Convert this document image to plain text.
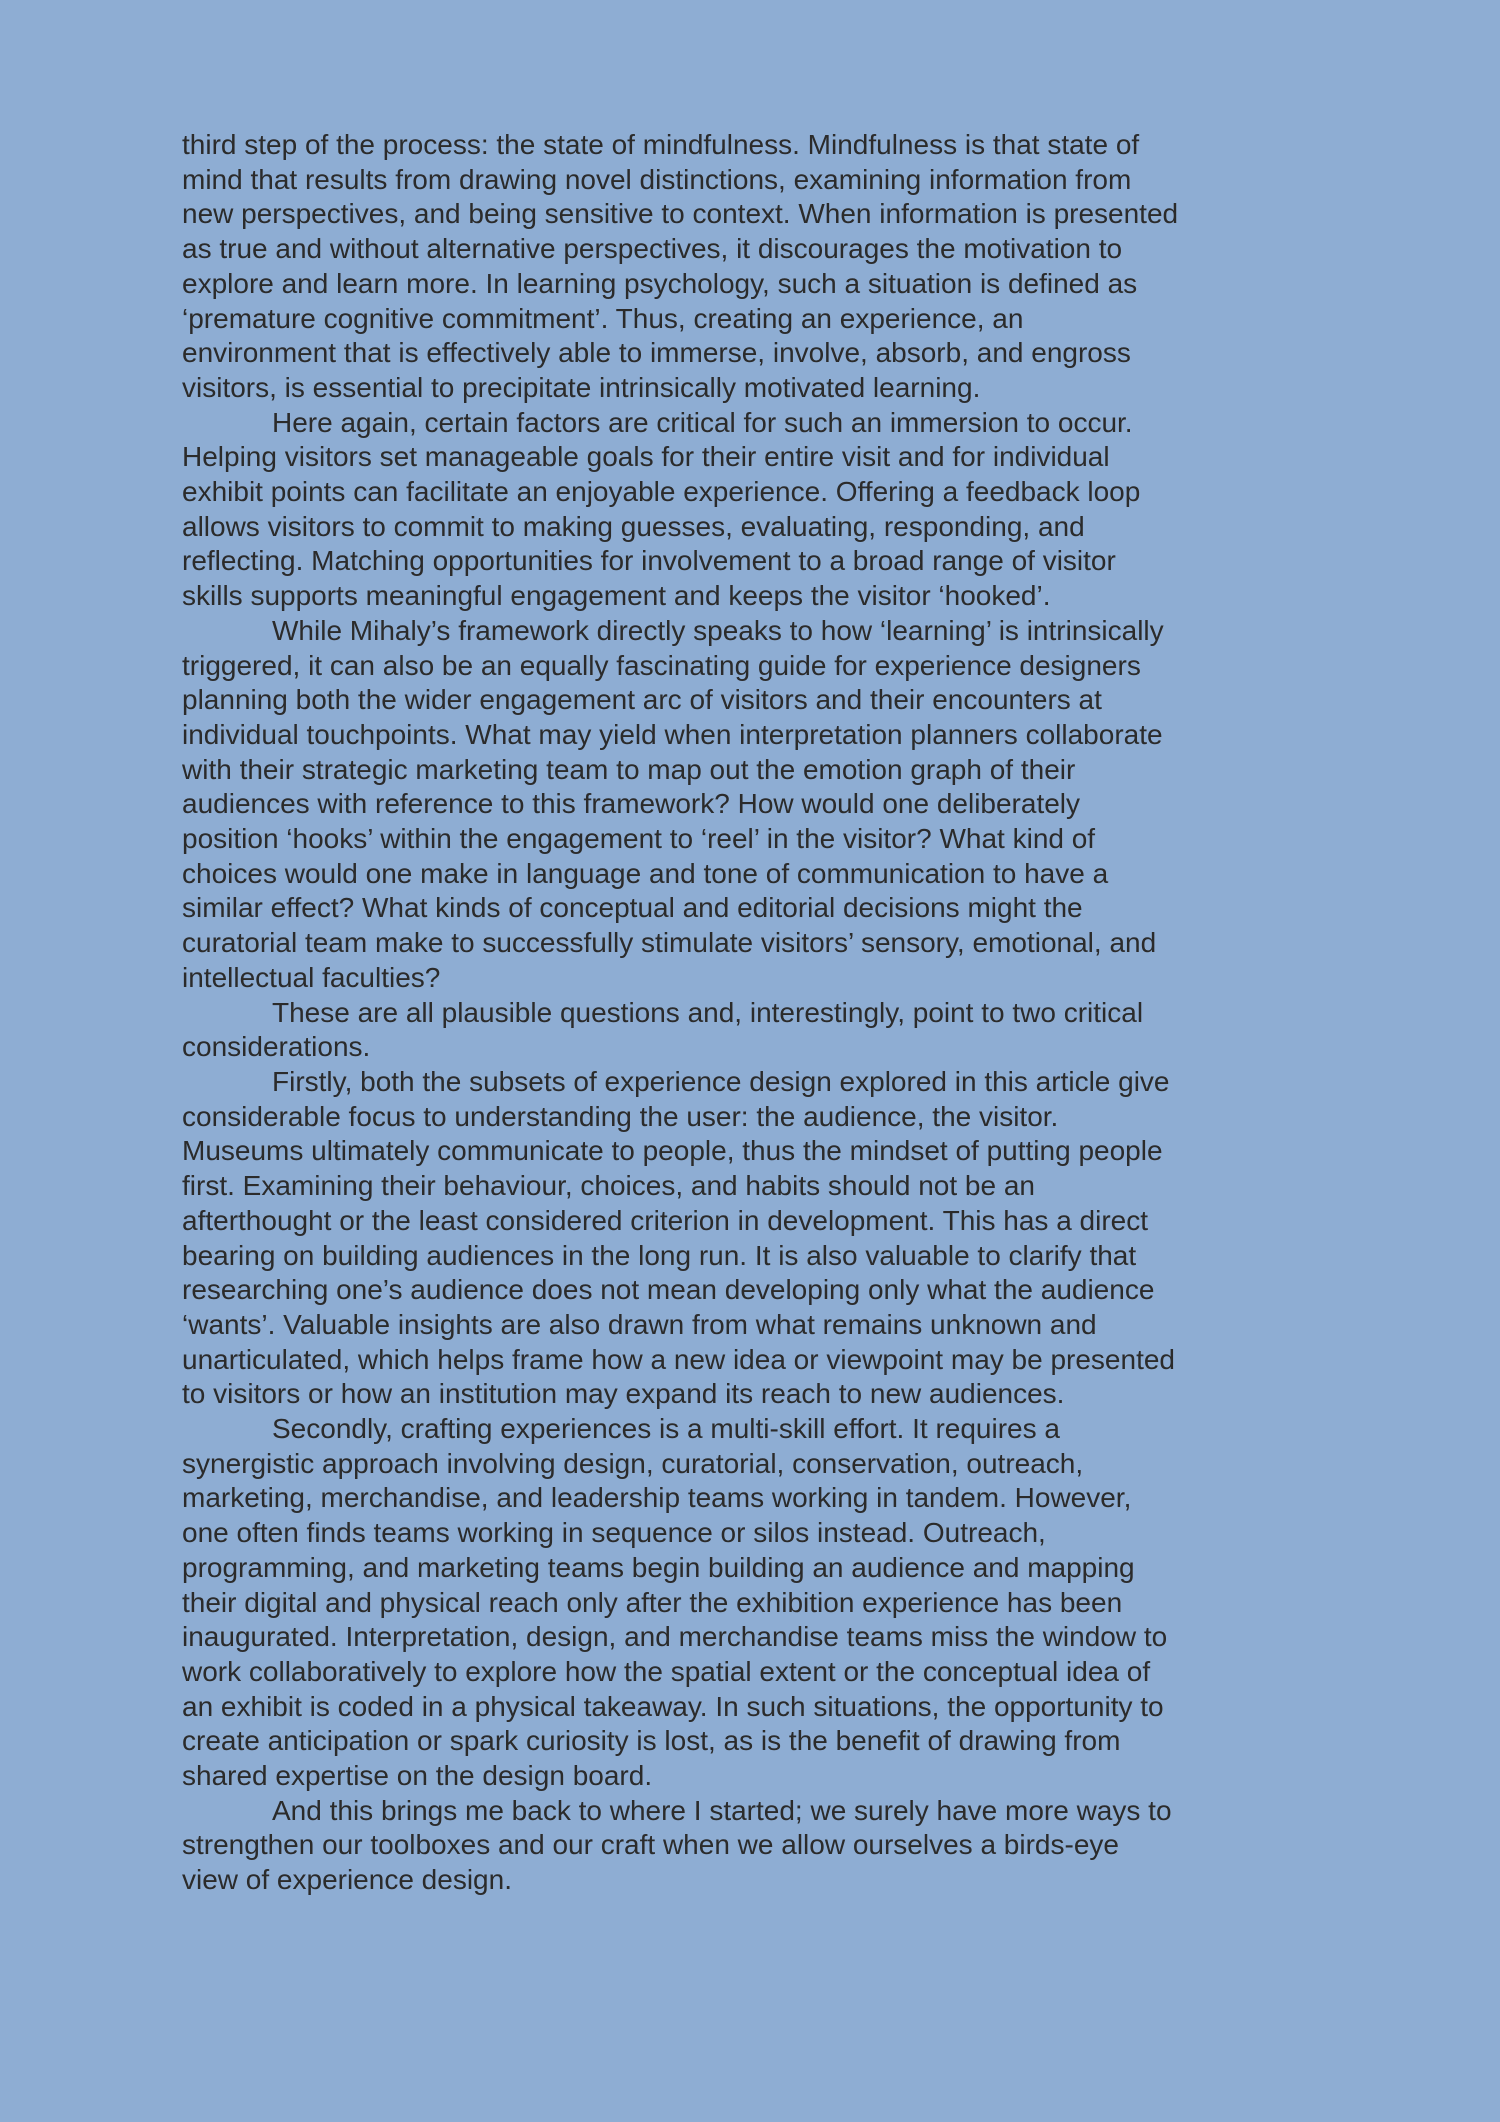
third step of the process: the state of mindfulness. Mindfulness is that state of mind that results from drawing novel distinctions, examining information from new perspectives, and being sensitive to context. When information is presented as true and without alternative perspectives, it discourages the motivation to explore and learn more. In learning psychology, such a situation is defined as ‘premature cognitive commitment’. Thus, creating an experience, an environment that is effectively able to immerse, involve, absorb, and engross visitors, is essential to precipitate intrinsically motivated learning.

Here again, certain factors are critical for such an immersion to occur. Helping visitors set manageable goals for their entire visit and for individual exhibit points can facilitate an enjoyable experience. Offering a feedback loop allows visitors to commit to making guesses, evaluating, responding, and reflecting. Matching opportunities for involvement to a broad range of visitor skills supports meaningful engagement and keeps the visitor ‘hooked’.

While Mihaly’s framework directly speaks to how ‘learning’ is intrinsically triggered, it can also be an equally fascinating guide for experience designers planning both the wider engagement arc of visitors and their encounters at individual touchpoints. What may yield when interpretation planners collaborate with their strategic marketing team to map out the emotion graph of their audiences with reference to this framework? How would one deliberately position ‘hooks’ within the engagement to ‘reel’ in the visitor? What kind of choices would one make in language and tone of communication to have a similar effect? What kinds of conceptual and editorial decisions might the curatorial team make to successfully stimulate visitors’ sensory, emotional, and intellectual faculties?

These are all plausible questions and, interestingly, point to two critical considerations.

Firstly, both the subsets of experience design explored in this article give considerable focus to understanding the user: the audience, the visitor. Museums ultimately communicate to people, thus the mindset of putting people first. Examining their behaviour, choices, and habits should not be an afterthought or the least considered criterion in development. This has a direct bearing on building audiences in the long run. It is also valuable to clarify that researching one’s audience does not mean developing only what the audience ‘wants’. Valuable insights are also drawn from what remains unknown and unarticulated, which helps frame how a new idea or viewpoint may be presented to visitors or how an institution may expand its reach to new audiences.

Secondly, crafting experiences is a multi-skill effort. It requires a synergistic approach involving design, curatorial, conservation, outreach, marketing, merchandise, and leadership teams working in tandem. However, one often finds teams working in sequence or silos instead. Outreach, programming, and marketing teams begin building an audience and mapping their digital and physical reach only after the exhibition experience has been inaugurated. Interpretation, design, and merchandise teams miss the window to work collaboratively to explore how the spatial extent or the conceptual idea of an exhibit is coded in a physical takeaway. In such situations, the opportunity to create anticipation or spark curiosity is lost, as is the benefit of drawing from shared expertise on the design board.

And this brings me back to where I started; we surely have more ways to strengthen our toolboxes and our craft when we allow ourselves a birds-eye view of experience design.
